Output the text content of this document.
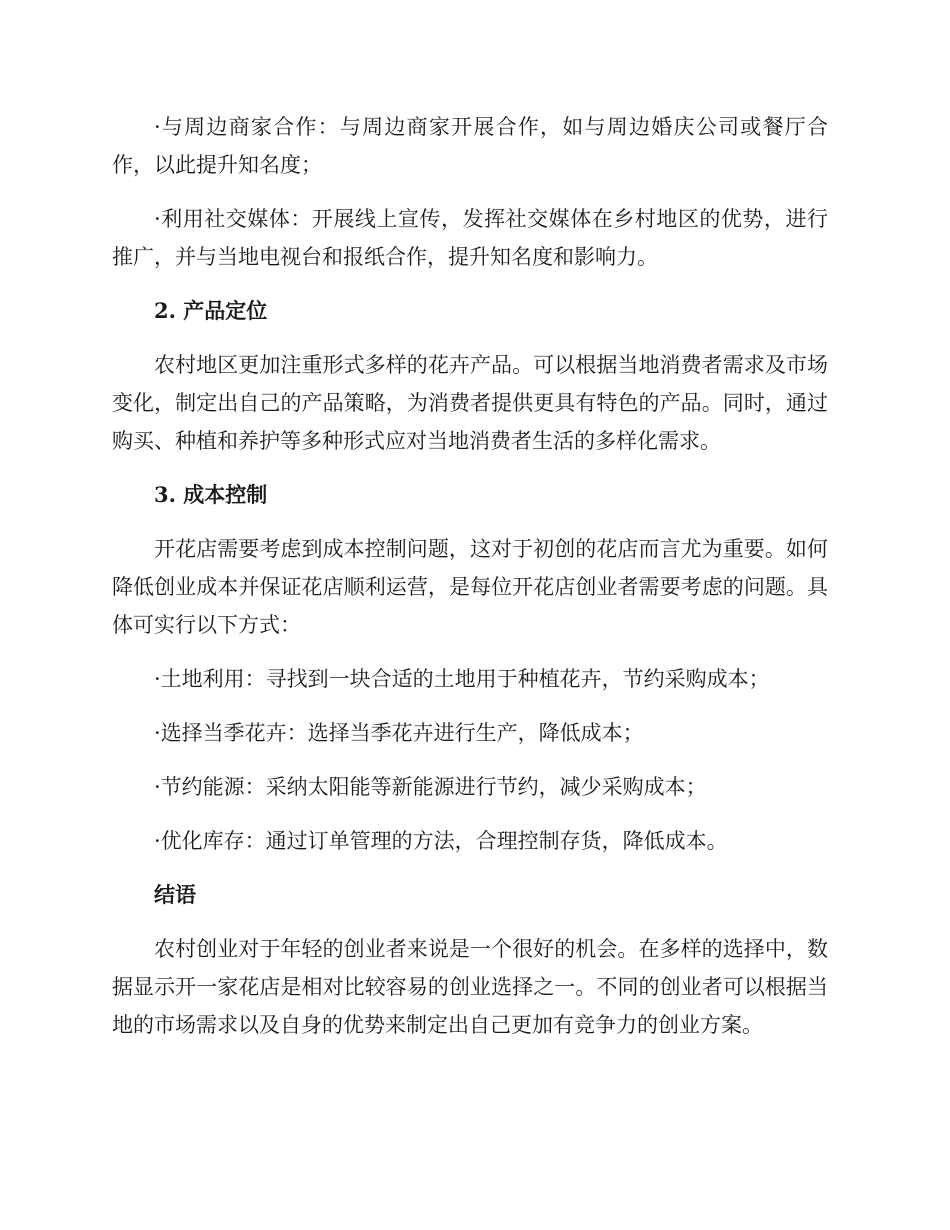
·与周边商家合作：与周边商家开展合作，如与周边婚庆公司或餐厅合作，以此提升知名度；

·利用社交媒体：开展线上宣传，发挥社交媒体在乡村地区的优势，进行推广，并与当地电视台和报纸合作，提升知名度和影响力。

2. 产品定位

农村地区更加注重形式多样的花卉产品。可以根据当地消费者需求及市场变化，制定出自己的产品策略，为消费者提供更具有特色的产品。同时，通过购买、种植和养护等多种形式应对当地消费者生活的多样化需求。

3. 成本控制

开花店需要考虑到成本控制问题，这对于初创的花店而言尤为重要。如何降低创业成本并保证花店顺利运营，是每位开花店创业者需要考虑的问题。具体可实行以下方式：

·土地利用：寻找到一块合适的土地用于种植花卉，节约采购成本；

·选择当季花卉：选择当季花卉进行生产，降低成本；

·节约能源：采纳太阳能等新能源进行节约，减少采购成本；

·优化库存：通过订单管理的方法，合理控制存货，降低成本。

结语

农村创业对于年轻的创业者来说是一个很好的机会。在多样的选择中，数据显示开一家花店是相对比较容易的创业选择之一。不同的创业者可以根据当地的市场需求以及自身的优势来制定出自己更加有竞争力的创业方案。
